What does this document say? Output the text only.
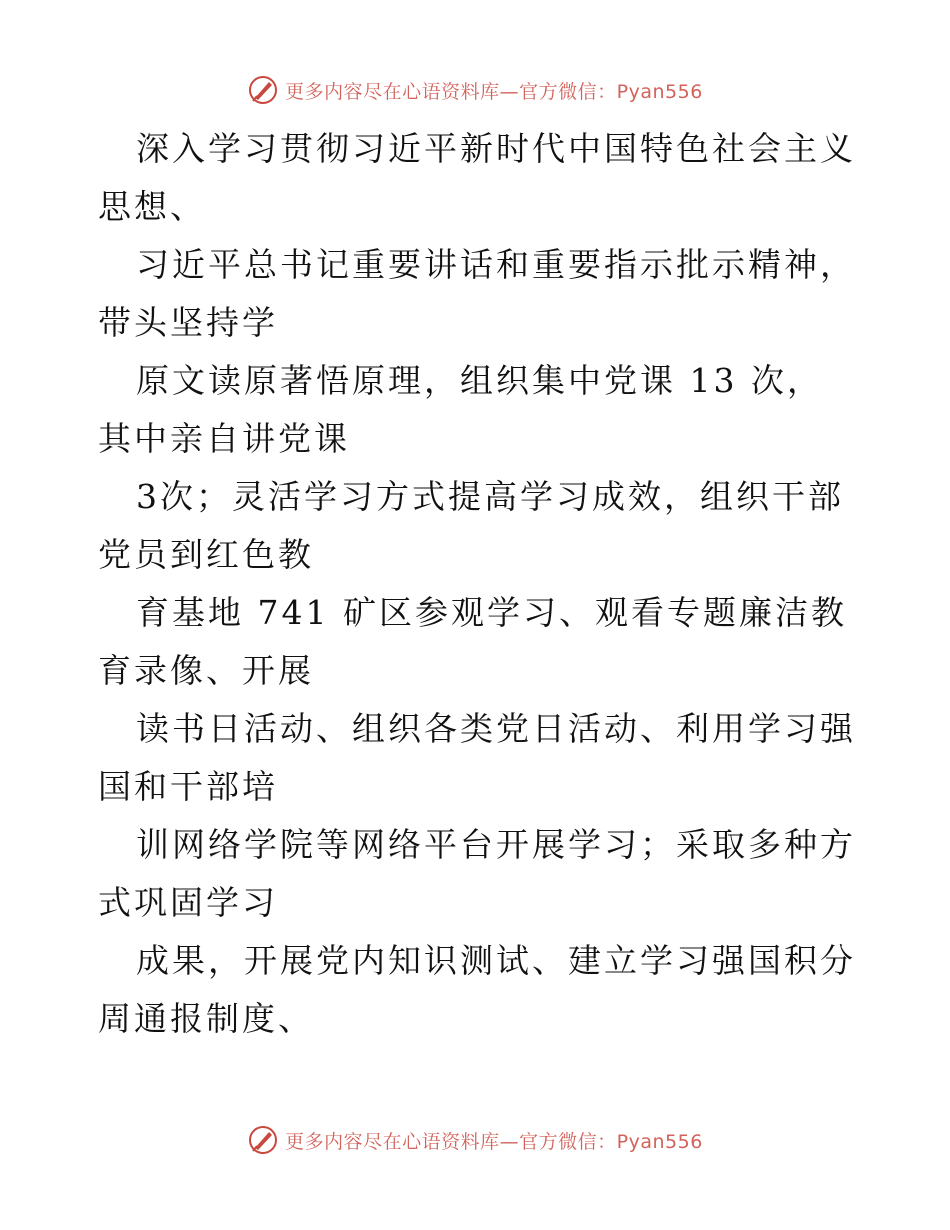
更多内容尽在心语资料库—官方微信：Pyan556

深入学习贯彻习近平新时代中国特色社会主义思想、

习近平总书记重要讲话和重要指示批示精神，带头坚持学

原文读原著悟原理，组织集中党课 13 次，其中亲自讲党课

3次；灵活学习方式提高学习成效，组织干部党员到红色教

育基地 741 矿区参观学习、观看专题廉洁教育录像、开展

读书日活动、组织各类党日活动、利用学习强国和干部培

训网络学院等网络平台开展学习；采取多种方式巩固学习

成果，开展党内知识测试、建立学习强国积分周通报制度、

更多内容尽在心语资料库—官方微信：Pyan556
